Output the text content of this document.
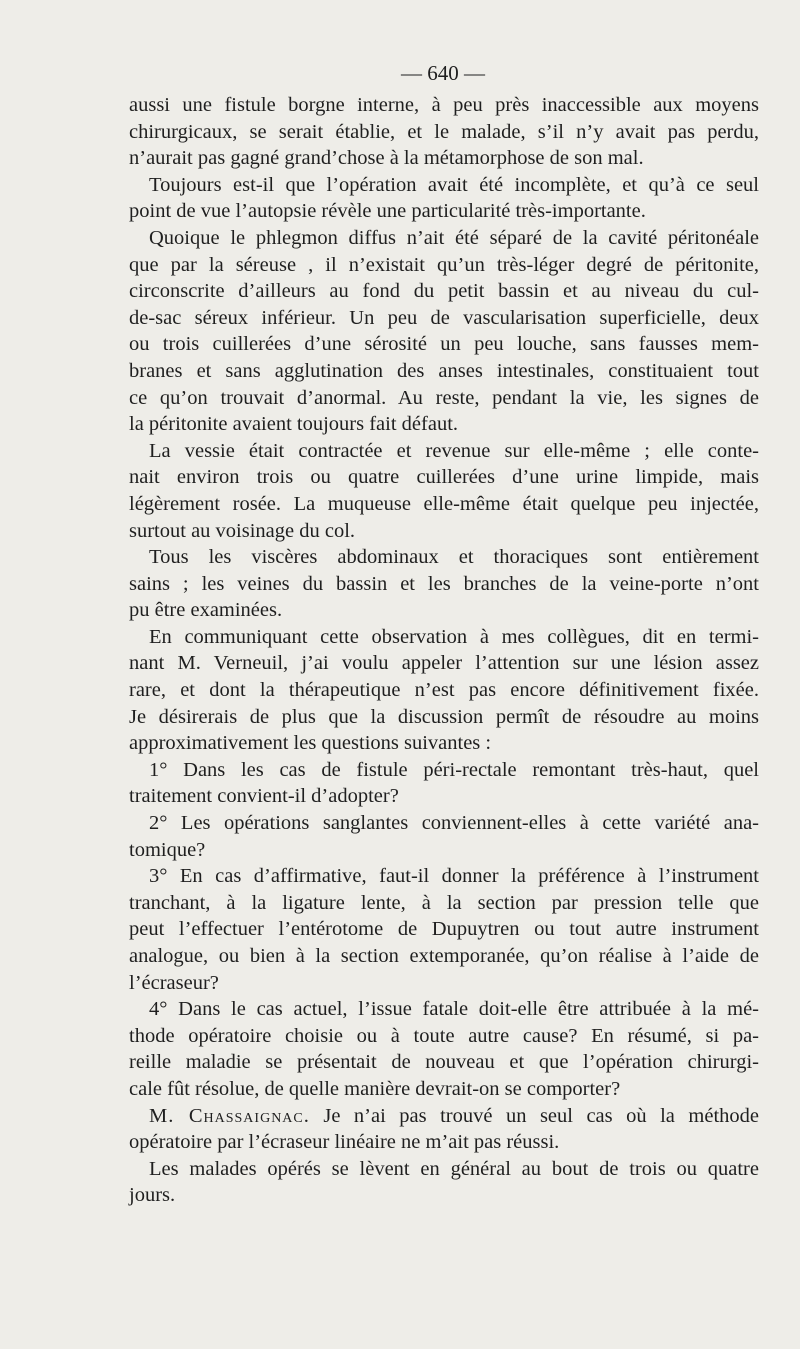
— 640 —
aussi une fistule borgne interne, à peu près inaccessible aux moyens
chirurgicaux, se serait établie, et le malade, s’il n’y avait pas perdu,
n’aurait pas gagné grand’chose à la métamorphose de son mal.
Toujours est-il que l’opération avait été incomplète, et qu’à ce seul
point de vue l’autopsie révèle une particularité très-importante.
Quoique le phlegmon diffus n’ait été séparé de la cavité péritonéale
que par la séreuse , il n’existait qu’un très-léger degré de péritonite,
circonscrite d’ailleurs au fond du petit bassin et au niveau du cul-
de-sac séreux inférieur. Un peu de vascularisation superficielle, deux
ou trois cuillerées d’une sérosité un peu louche, sans fausses mem-
branes et sans agglutination des anses intestinales, constituaient tout
ce qu’on trouvait d’anormal. Au reste, pendant la vie, les signes de
la péritonite avaient toujours fait défaut.
La vessie était contractée et revenue sur elle-même ; elle conte-
nait environ trois ou quatre cuillerées d’une urine limpide, mais
légèrement rosée. La muqueuse elle-même était quelque peu injectée,
surtout au voisinage du col.
Tous les viscères abdominaux et thoraciques sont entièrement
sains ; les veines du bassin et les branches de la veine-porte n’ont
pu être examinées.
En communiquant cette observation à mes collègues, dit en termi-
nant M. Verneuil, j’ai voulu appeler l’attention sur une lésion assez
rare, et dont la thérapeutique n’est pas encore définitivement fixée.
Je désirerais de plus que la discussion permît de résoudre au moins
approximativement les questions suivantes :
1° Dans les cas de fistule péri-rectale remontant très-haut, quel
traitement convient-il d’adopter?
2° Les opérations sanglantes conviennent-elles à cette variété ana-
tomique?
3° En cas d’affirmative, faut-il donner la préférence à l’instrument
tranchant, à la ligature lente, à la section par pression telle que
peut l’effectuer l’entérotome de Dupuytren ou tout autre instrument
analogue, ou bien à la section extemporanée, qu’on réalise à l’aide de
l’écraseur?
4° Dans le cas actuel, l’issue fatale doit-elle être attribuée à la mé-
thode opératoire choisie ou à toute autre cause? En résumé, si pa-
reille maladie se présentait de nouveau et que l’opération chirurgi-
cale fût résolue, de quelle manière devrait-on se comporter?
M. Chassaignac. Je n’ai pas trouvé un seul cas où la méthode
opératoire par l’écraseur linéaire ne m’ait pas réussi.
Les malades opérés se lèvent en général au bout de trois ou quatre
jours.
